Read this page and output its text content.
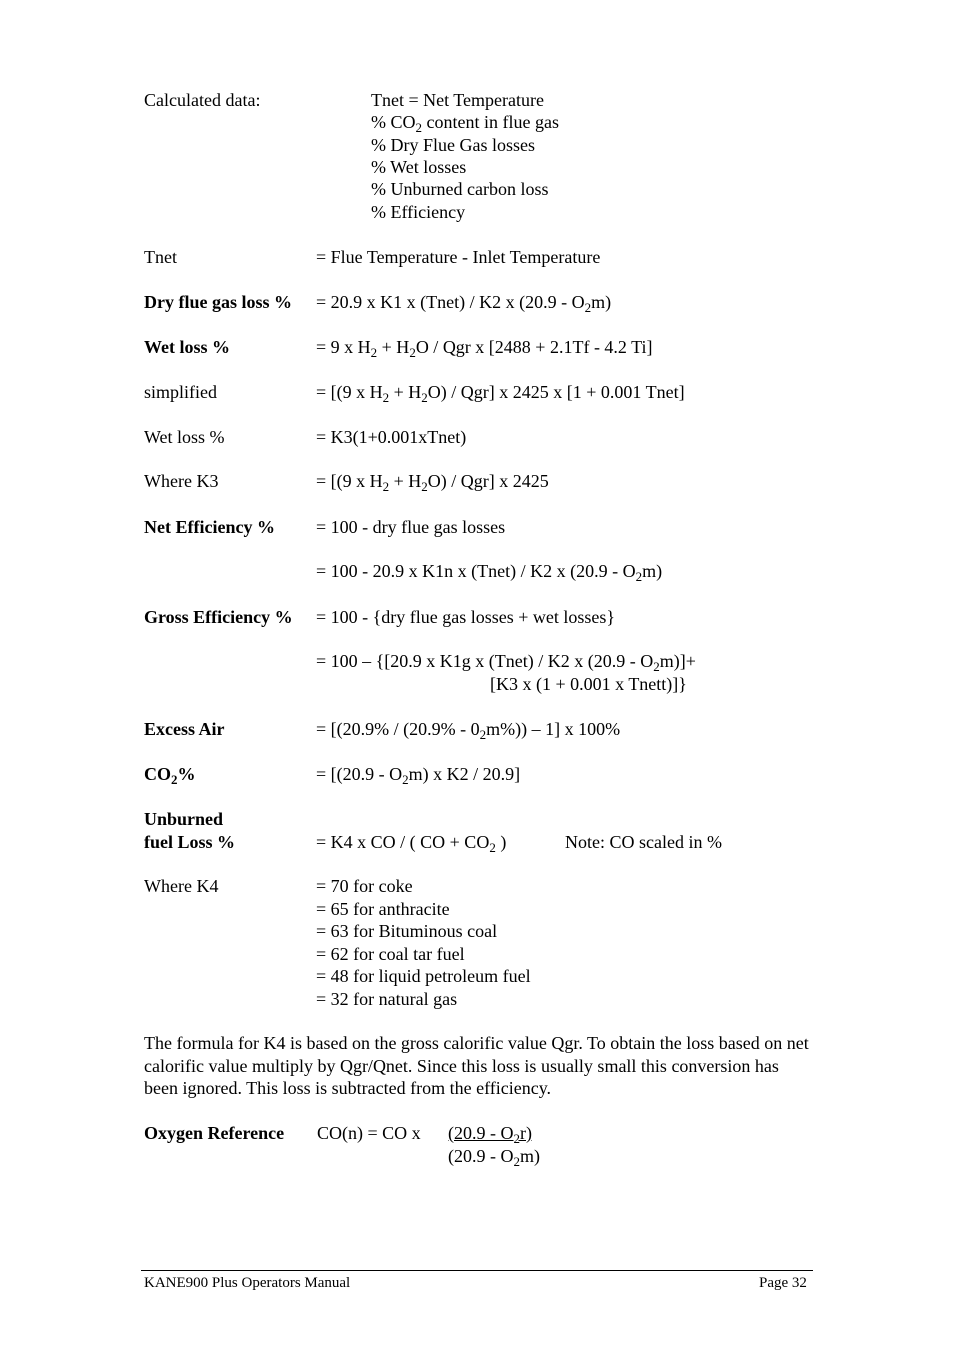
Calculated data:	Tnet = Net Temperature
% $CO_2$ content in flue gas
% Dry Flue Gas losses
% Wet losses
% Unburned carbon loss
% Efficiency
Tnet	= Flue Temperature - Inlet Temperature
Dry flue gas loss % = 20.9 x K1 x (Tnet) / K2 x $(20.9 - O_2m)$
Wet loss %	= 9 x $H_2 + H_2O$ / Qgr x [2488 + 2.1Tf - 4.2 Ti]
simplified	= [(9 x $H_2 + H_2O) / Qgr$] x 2425 x [1 + 0.001 Tnet]
Wet loss %	= K3(1+0.001xTnet)
Where K3	= [(9 x $H_2 + H_2O) / Qgr$] x 2425
Net Efficiency % = 100 - dry flue gas losses
= 100 - 20.9 x K1n x (Tnet) / K2 x $(20.9 - O_2m)$
Gross Efficiency % = 100 - {dry flue gas losses + wet losses}
= 100 – {[20.9 x K1g x (Tnet) / K2 x $(20.9 - O_2m)]+$
[K3 x (1 + 0.001 x Tnett)]}
Excess Air	= $[(20.9\% / (20.9\% - 0_2m\%)) - 1]$ x 100%
$CO_2\%$	= [$(20.9 - O_2m)$ x K2 / 20.9]
Unburned
fuel Loss %	= K4 x CO / ( CO + $CO_2$ )	Note: CO scaled in %
Where K4	= 70 for coke
= 65 for anthracite
= 63 for Bituminous coal
= 62 for coal tar fuel
= 48 for liquid petroleum fuel
= 32 for natural gas
The formula for K4 is based on the gross calorific value Qgr. To obtain the loss based on net calorific value multiply by Qgr/Qnet. Since this loss is usually small this conversion has been ignored. This loss is subtracted from the efficiency.
Oxygen Reference CO(n) = CO x $(20.9 - O_2r)$
$(20.9 - O_2m)$
KANE900 Plus Operators Manual	Page 32
